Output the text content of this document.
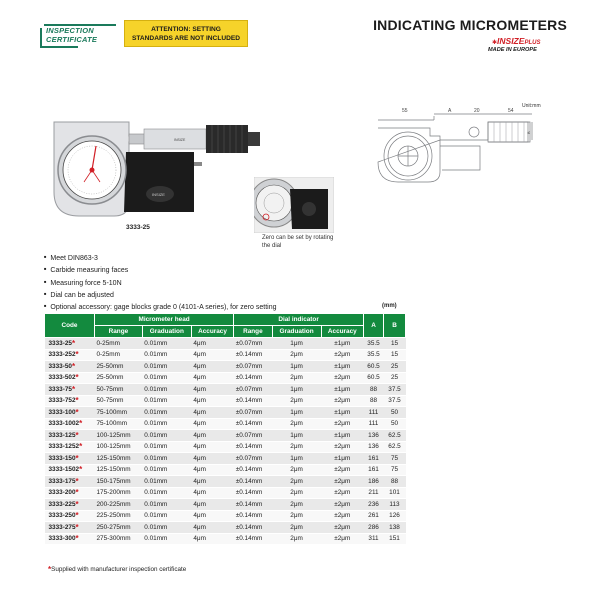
INSPECTION
CERTIFICATE
ATTENTION: SETTING
STANDARDS ARE NOT INCLUDED
INDICATING MICROMETERS
✱INSIZEPLUS
MADE IN EUROPE
INSIZE
INSIZE
3333-25
Zero can be set by rotating the dial
55	A	20	54
B
Unit:mm
■ Meet DIN863-3
■ Carbide measuring faces
■ Measuring force 5-10N
■ Dial can be adjusted
■ Optional accessory: gage blocks grade 0 (4101-A series), for zero setting	(mm)
Code	Micrometer head			Dial indicator			A	B
	Range	Graduation	Accuracy	Range	Graduation	Accuracy		
3333-25*	0-25mm	0.01mm	4μm	±0.07mm	1μm	±1μm	35.5	15
3333-252*	0-25mm	0.01mm	4μm	±0.14mm	2μm	±2μm	35.5	15
3333-50*	25-50mm	0.01mm	4μm	±0.07mm	1μm	±1μm	60.5	25
3333-502*	25-50mm	0.01mm	4μm	±0.14mm	2μm	±2μm	60.5	25
3333-75*	50-75mm	0.01mm	4μm	±0.07mm	1μm	±1μm	88	37.5
3333-752*	50-75mm	0.01mm	4μm	±0.14mm	2μm	±2μm	88	37.5
3333-100*	75-100mm	0.01mm	4μm	±0.07mm	1μm	±1μm	111	50
3333-1002*	75-100mm	0.01mm	4μm	±0.14mm	2μm	±2μm	111	50
3333-125*	100-125mm	0.01mm	4μm	±0.07mm	1μm	±1μm	136	62.5
3333-1252*	100-125mm	0.01mm	4μm	±0.14mm	2μm	±2μm	136	62.5
3333-150*	125-150mm	0.01mm	4μm	±0.07mm	1μm	±1μm	161	75
3333-1502*	125-150mm	0.01mm	4μm	±0.14mm	2μm	±2μm	161	75
3333-175*	150-175mm	0.01mm	4μm	±0.14mm	2μm	±2μm	186	88
3333-200*	175-200mm	0.01mm	4μm	±0.14mm	2μm	±2μm	211	101
3333-225*	200-225mm	0.01mm	4μm	±0.14mm	2μm	±2μm	236	113
3333-250*	225-250mm	0.01mm	4μm	±0.14mm	2μm	±2μm	261	126
3333-275*	250-275mm	0.01mm	4μm	±0.14mm	2μm	±2μm	286	138
3333-300*	275-300mm	0.01mm	4μm	±0.14mm	2μm	±2μm	311	151
*Supplied with manufacturer inspection certificate
